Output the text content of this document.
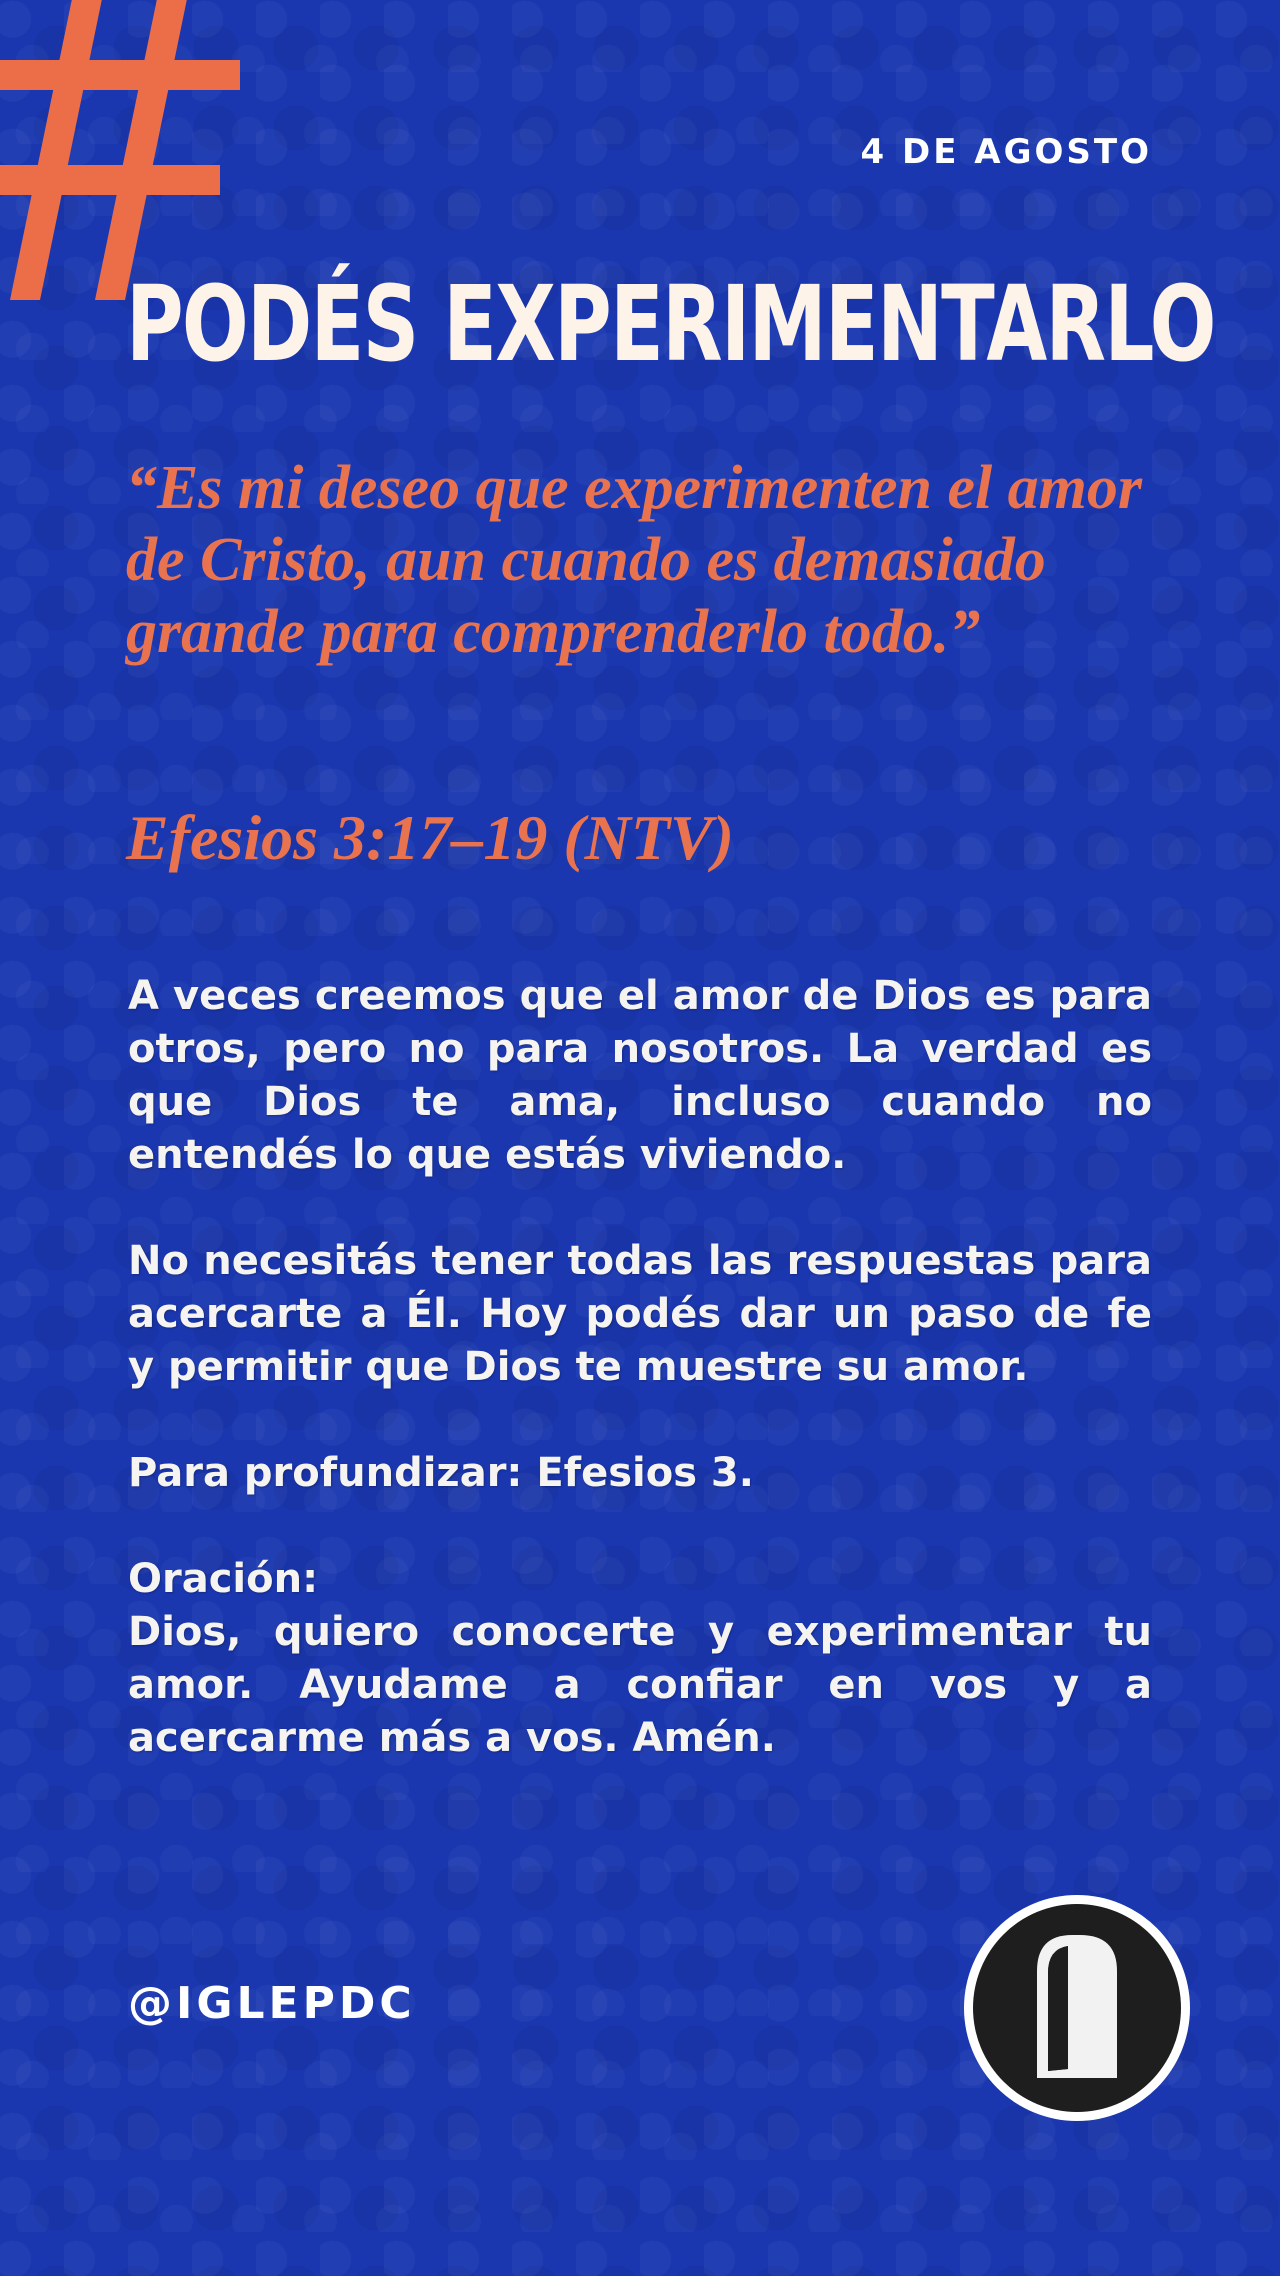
4 DE AGOSTO
PODÉS EXPERIMENTARLO

“Es mi deseo que experimenten el amor de Cristo, aun cuando es demasiado grande para comprenderlo todo.”

Efesios 3:17–19 (NTV)

A veces creemos que el amor de Dios es para otros, pero no para nosotros. La verdad es que Dios te ama, incluso cuando no entendés lo que estás viviendo.

No necesitás tener todas las respuestas para acercarte a Él. Hoy podés dar un paso de fe y permitir que Dios te muestre su amor.

Para profundizar: Efesios 3.

Oración:

Dios, quiero conocerte y experimentar tu amor. Ayudame a confiar en vos y a acercarme más a vos. Amén.

@IGLEPDC
